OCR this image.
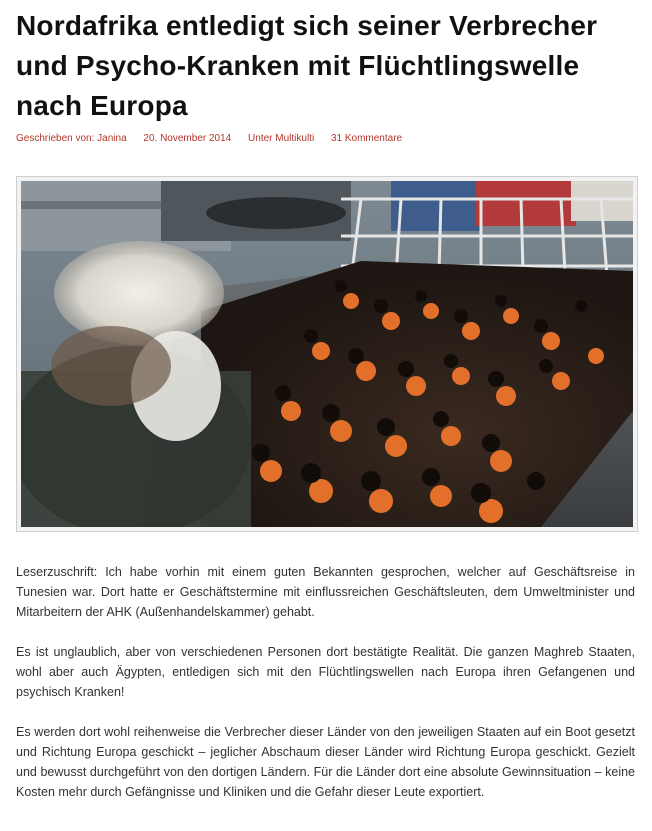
Nordafrika entledigt sich seiner Verbrecher und Psycho-Kranken mit Flüchtlingswelle nach Europa
Geschrieben von: Janina 20. November 2014 Unter Multikulti 31 Kommentare

Leserzuschrift: Ich habe vorhin mit einem guten Bekannten gesprochen, welcher auf Geschäftsreise in Tunesien war. Dort hatte er Geschäftstermine mit einflussreichen Geschäftsleuten, dem Umweltminister und Mitarbeitern der AHK (Außenhandelskammer) gehabt.

Es ist unglaublich, aber von verschiedenen Personen dort bestätigte Realität. Die ganzen Maghreb Staaten, wohl aber auch Ägypten, entledigen sich mit den Flüchtlingswellen nach Europa ihren Gefangenen und psychisch Kranken!

Es werden dort wohl reihenweise die Verbrecher dieser Länder von den jeweiligen Staaten auf ein Boot gesetzt und Richtung Europa geschickt – jeglicher Abschaum dieser Länder wird Richtung Europa geschickt. Gezielt und bewusst durchgeführt von den dortigen Ländern. Für die Länder dort eine absolute Gewinnsituation – keine Kosten mehr durch Gefängnisse und Kliniken und die Gefahr dieser Leute exportiert.
